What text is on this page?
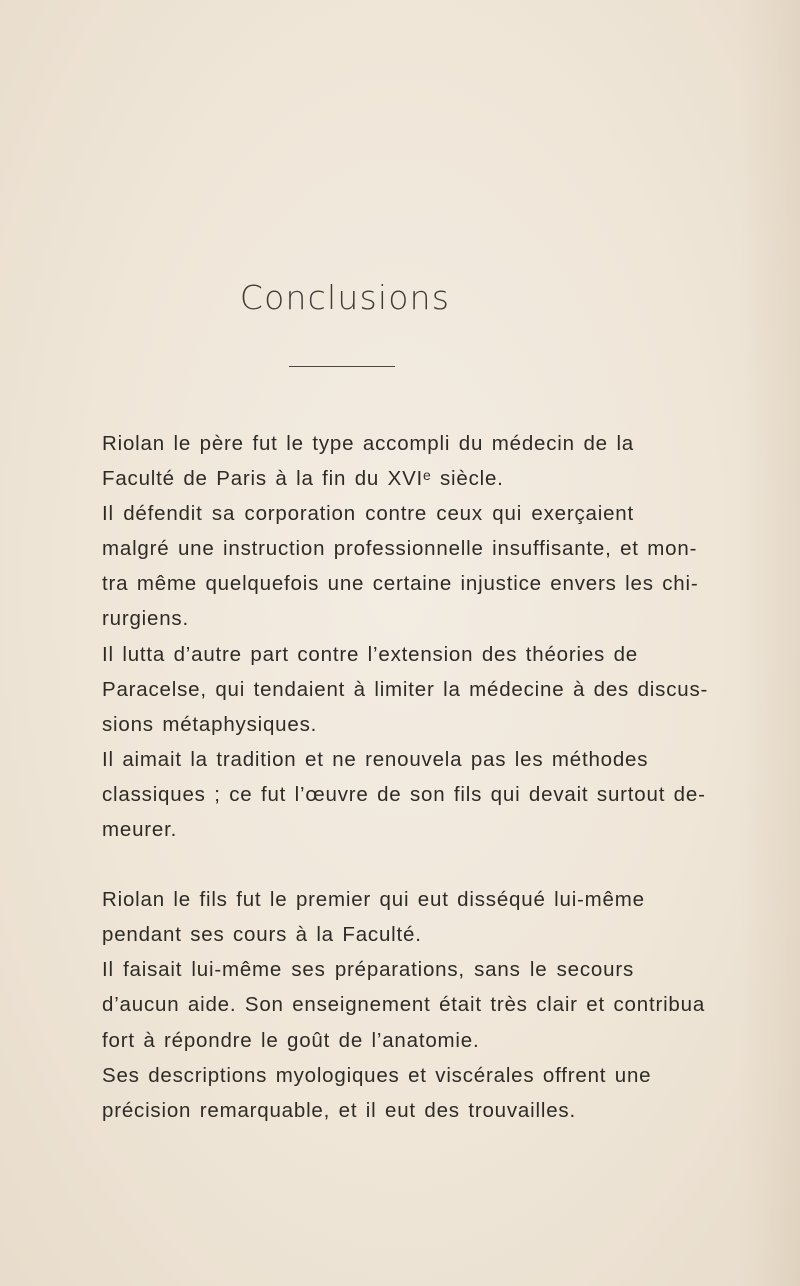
Conclusions

Riolan le père fut le type accompli du médecin de la
Faculté de Paris à la fin du XVIᵉ siècle.

Il défendit sa corporation contre ceux qui exerçaient
malgré une instruction professionnelle insuffisante, et mon-
tra même quelquefois une certaine injustice envers les chi-
rurgiens.

Il lutta d’autre part contre l’extension des théories de
Paracelse, qui tendaient à limiter la médecine à des discus-
sions métaphysiques.

Il aimait la tradition et ne renouvela pas les méthodes
classiques ; ce fut l’œuvre de son fils qui devait surtout de-
meurer.

Riolan le fils fut le premier qui eut disséqué lui-même
pendant ses cours à la Faculté.

Il faisait lui-même ses préparations, sans le secours
d’aucun aide. Son enseignement était très clair et contribua
fort à répondre le goût de l’anatomie.

Ses descriptions myologiques et viscérales offrent une
précision remarquable, et il eut des trouvailles.
